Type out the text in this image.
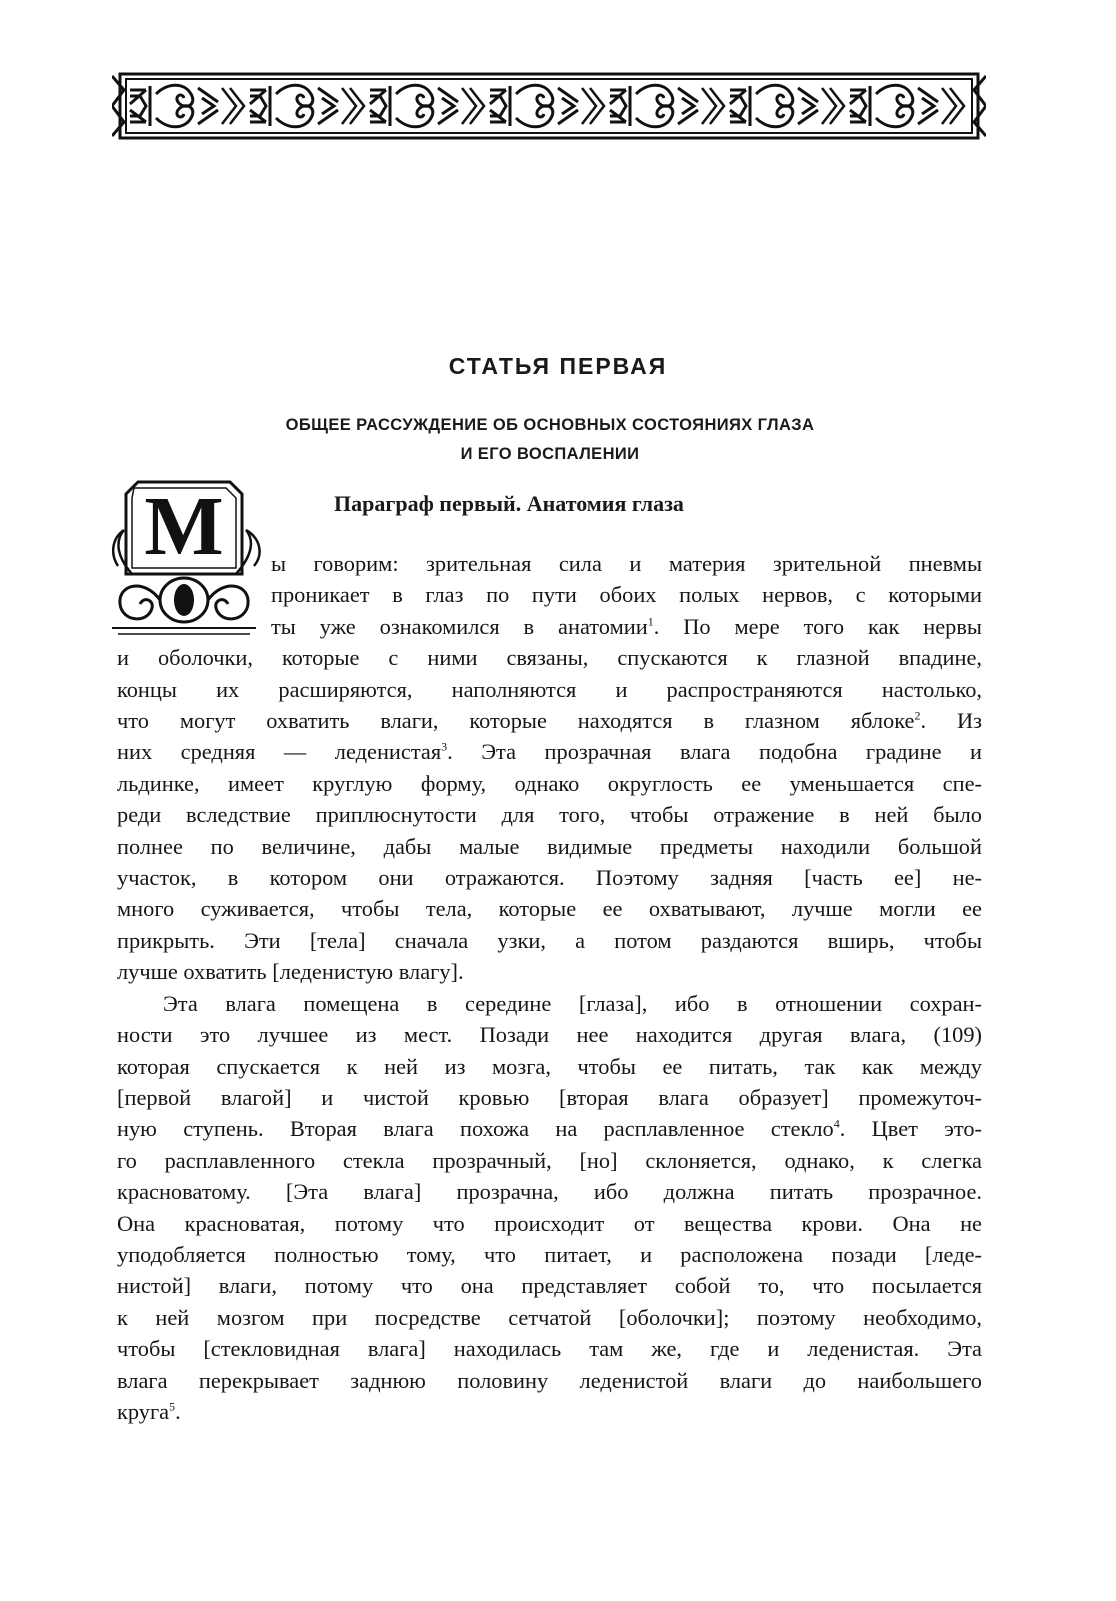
СТАТЬЯ ПЕРВАЯ
ОБЩЕЕ РАССУЖДЕНИЕ ОБ ОСНОВНЫХ СОСТОЯНИЯХ ГЛАЗА
И ЕГО ВОСПАЛЕНИИ
Параграф первый. Анатомия глаза
М	ы говорим: зрительная сила и материя зрительной пневмы
проникает в глаз по пути обоих полых нервов, с которыми
ты уже ознакомился в анатомии$^1$. По мере того как нервы
и оболочки, которые с ними связаны, спускаются к глазной впадине,
концы их расширяются, наполняются и распространяются настолько,
что могут охватить влаги, которые находятся в глазном яблоке$^2$. Из
них средняя — леденистая$^3$. Эта прозрачная влага подобна градине и
льдинке, имеет круглую форму, однако округлость ее уменьшается спе-
реди вследствие приплюснутости для того, чтобы отражение в ней было
полнее по величине, дабы малые видимые предметы находили большой
участок, в котором они отражаются. Поэтому задняя [часть ее] не-
много суживается, чтобы тела, которые ее охватывают, лучше могли ее
прикрыть. Эти [тела] сначала узки, а потом раздаются вширь, чтобы
лучше охватить [леденистую влагу].

Эта влага помещена в середине [глаза], ибо в отношении сохран-
ности это лучшее из мест. Позади нее находится другая влага, (109)
которая спускается к ней из мозга, чтобы ее питать, так как между
[первой влагой] и чистой кровью [вторая влага образует] промежуточ-
ную ступень. Вторая влага похожа на расплавленное стекло$^4$. Цвет это-
го расплавленного стекла прозрачный, [но] склоняется, однако, к слегка
красноватому. [Эта влага] прозрачна, ибо должна питать прозрачное.
Она красноватая, потому что происходит от вещества крови. Она не
уподобляется полностью тому, что питает, и расположена позади [леде-
нистой] влаги, потому что она представляет собой то, что посылается
к ней мозгом при посредстве сетчатой [оболочки]; поэтому необходимо,
чтобы [стекловидная влага] находилась там же, где и леденистая. Эта
влага перекрывает заднюю половину леденистой влаги до наибольшего
круга$^5$.
